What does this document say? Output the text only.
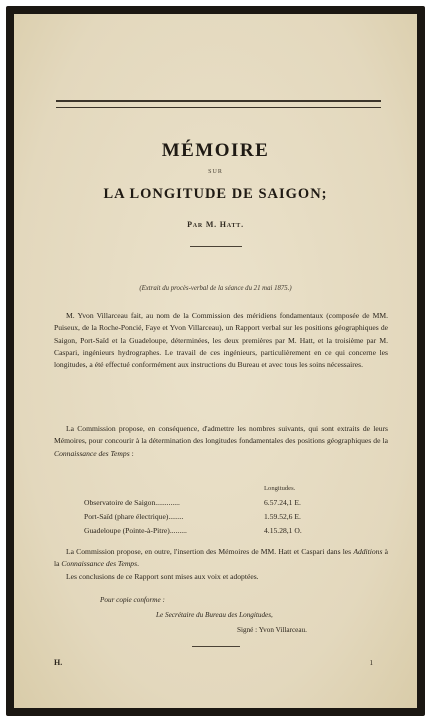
MÉMOIRE
SUR
LA LONGITUDE DE SAIGON;
Par M. Hatt.
(Extrait du procès-verbal de la séance du 21 mai 1875.)
M. Yvon Villarceau fait, au nom de la Commission des méridiens fondamentaux (composée de MM. Puiseux, de la Roche-Poncié, Faye et Yvon Villarceau), un Rapport verbal sur les positions géographiques de Saigon, Port-Saïd et la Guadeloupe, déterminées, les deux premières par M. Hatt, et la troisième par M. Caspari, ingénieurs hydrographes. Le travail de ces ingénieurs, particulièrement en ce qui concerne les longitudes, a été effectué conformément aux instructions du Bureau et avec tous les soins nécessaires.
La Commission propose, en conséquence, d'admettre les nombres suivants, qui sont extraits de leurs Mémoires, pour concourir à la détermination des longitudes fondamentales des positions géographiques de la Connaissance des Temps :
Longitudes.
Observatoire de Saigon.............	6.57.24,1 E.
Port-Saïd (phare électrique)........	1.59.52,6 E.
Guadeloupe (Pointe-à-Pitre).........	4.15.28,1 O.
La Commission propose, en outre, l'insertion des Mémoires de MM. Hatt et Caspari dans les Additions à la Connaissance des Temps.
Les conclusions de ce Rapport sont mises aux voix et adoptées.
Pour copie conforme :
Le Secrétaire du Bureau des Longitudes,
Signé : Yvon Villarceau.
H.	1
